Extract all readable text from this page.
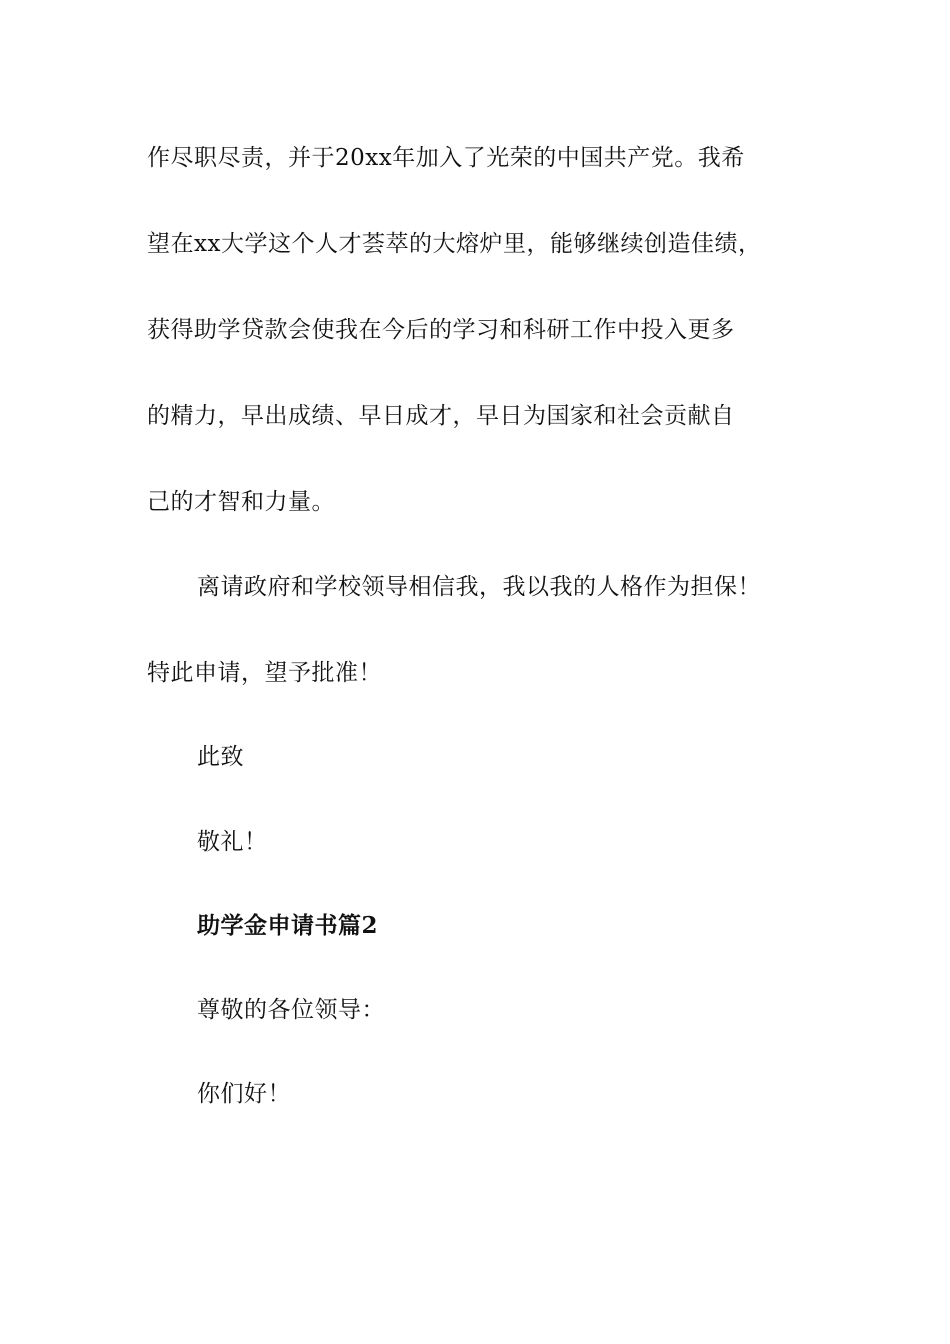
作尽职尽责，并于20xx年加入了光荣的中国共产党。我希
望在xx大学这个人才荟萃的大熔炉里，能够继续创造佳绩，
获得助学贷款会使我在今后的学习和科研工作中投入更多
的精力，早出成绩、早日成才，早日为国家和社会贡献自
己的才智和力量。
离请政府和学校领导相信我，我以我的人格作为担保！
特此申请，望予批准！
此致
敬礼！
助学金申请书篇2
尊敬的各位领导：
你们好！
